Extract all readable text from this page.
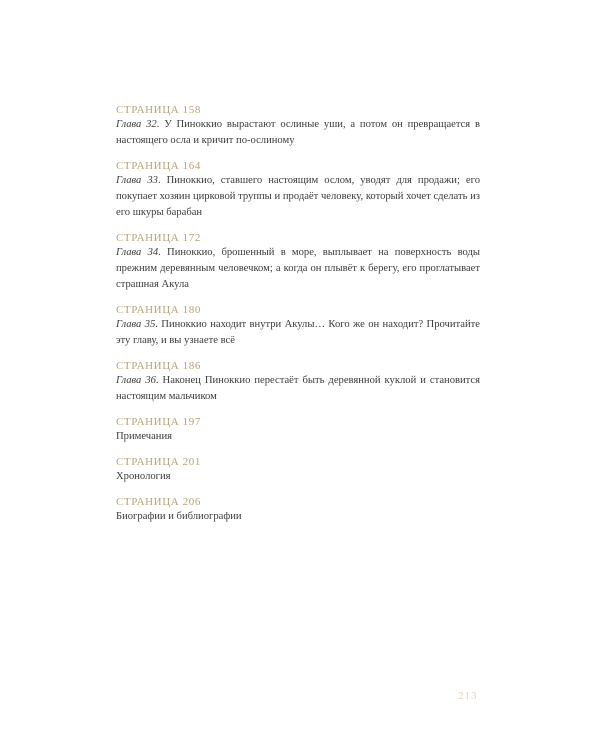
СТРАНИЦА 158
Глава 32. У Пиноккио вырастают ослиные уши, а потом он превращается в настоящего осла и кричит по-ослиному
СТРАНИЦА 164
Глава 33. Пиноккио, ставшего настоящим ослом, уводят для продажи; его покупает хозяин цирковой труппы и продаёт человеку, который хочет сделать из его шкуры барабан
СТРАНИЦА 172
Глава 34. Пиноккио, брошенный в море, выплывает на поверхность воды прежним деревянным человечком; а когда он плывёт к берегу, его проглатывает страшная Акула
СТРАНИЦА 180
Глава 35. Пиноккио находит внутри Акулы… Кого же он находит? Прочитайте эту главу, и вы узнаете всё
СТРАНИЦА 186
Глава 36. Наконец Пиноккио перестаёт быть деревянной куклой и становится настоящим мальчиком
СТРАНИЦА 197
Примечания
СТРАНИЦА 201
Хронология
СТРАНИЦА 206
Биографии и библиографии
213
